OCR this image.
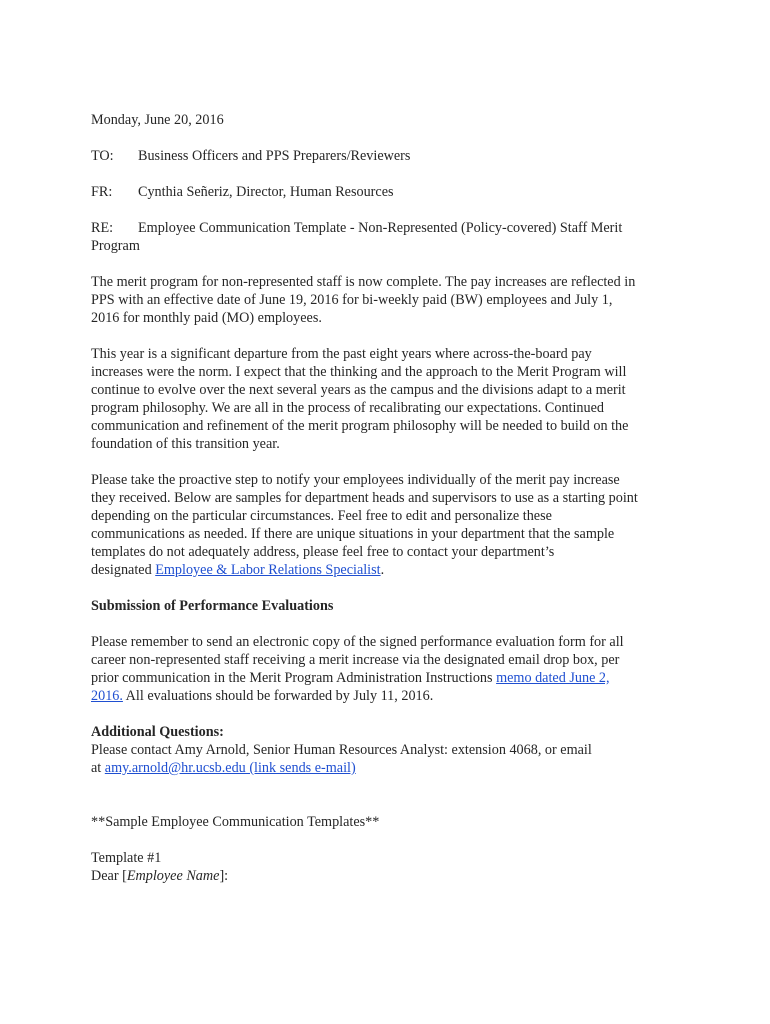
Monday, June 20, 2016
TO: Business Officers and PPS Preparers/Reviewers
FR: Cynthia Señeriz, Director, Human Resources
RE: Employee Communication Template - Non-Represented (Policy-covered) Staff Merit
Program
The merit program for non-represented staff is now complete. The pay increases are reflected in
PPS with an effective date of June 19, 2016 for bi-weekly paid (BW) employees and July 1,
2016 for monthly paid (MO) employees.
This year is a significant departure from the past eight years where across-the-board pay
increases were the norm. I expect that the thinking and the approach to the Merit Program will
continue to evolve over the next several years as the campus and the divisions adapt to a merit
program philosophy. We are all in the process of recalibrating our expectations. Continued
communication and refinement of the merit program philosophy will be needed to build on the
foundation of this transition year.
Please take the proactive step to notify your employees individually of the merit pay increase
they received. Below are samples for department heads and supervisors to use as a starting point
depending on the particular circumstances. Feel free to edit and personalize these
communications as needed. If there are unique situations in your department that the sample
templates do not adequately address, please feel free to contact your department’s
designated Employee & Labor Relations Specialist.
Submission of Performance Evaluations
Please remember to send an electronic copy of the signed performance evaluation form for all
career non-represented staff receiving a merit increase via the designated email drop box, per
prior communication in the Merit Program Administration Instructions memo dated June 2,
2016. All evaluations should be forwarded by July 11, 2016.
Additional Questions:
Please contact Amy Arnold, Senior Human Resources Analyst: extension 4068, or email
at amy.arnold@hr.ucsb.edu (link sends e-mail)
**Sample Employee Communication Templates**
Template #1
Dear [Employee Name]:
